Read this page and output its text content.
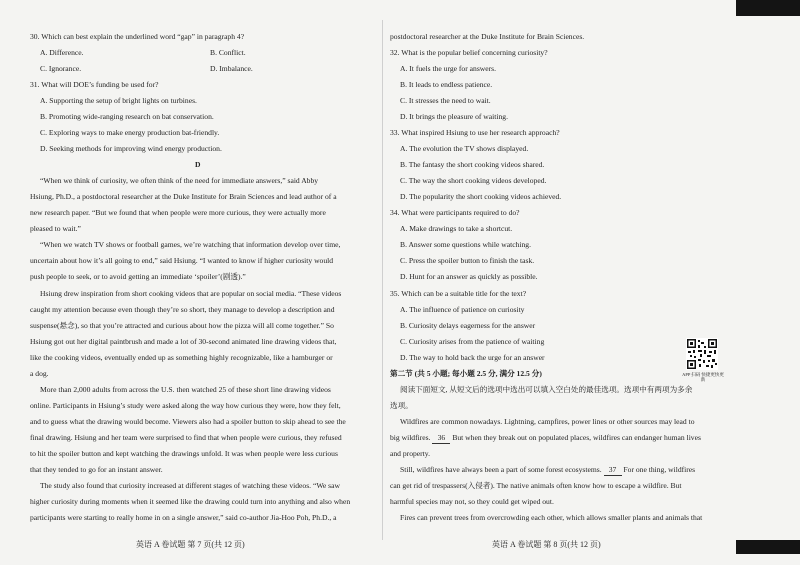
​
30. Which can best explain the underlined word “gap” in paragraph 4?
A. Difference.	B. Conflict.
C. Ignorance.	D. Imbalance.
31. What will DOE’s funding be used for?
A. Supporting the setup of bright lights on turbines.
B. Promoting wide-ranging research on bat conservation.
C. Exploring ways to make energy production bat-friendly.
D. Seeking methods for improving wind energy production.
D
“When we think of curiosity, we often think of the need for immediate answers,” said Abby
Hsiung, Ph.D., a postdoctoral researcher at the Duke Institute for Brain Sciences and lead author of a
new research paper. “But we found that when people were more curious, they were actually more
pleased to wait.”
“When we watch TV shows or football games, we’re watching that information develop over time,
uncertain about how it’s all going to end,” said Hsiung. “I wanted to know if higher curiosity would
push people to seek, or to avoid getting an immediate ‘spoiler’(剧透).”
Hsiung drew inspiration from short cooking videos that are popular on social media. “These videos
caught my attention because even though they’re so short, they manage to develop a description and
suspense(悬念), so that you’re attracted and curious about how the pizza will all come together.” So
Hsiung got out her digital paintbrush and made a lot of 30-second animated line drawing videos that,
like the cooking videos, eventually ended up as something highly recognizable, like a hamburger or
a dog.
More than 2,000 adults from across the U.S. then watched 25 of these short line drawing videos
online. Participants in Hsiung’s study were asked along the way how curious they were, how they felt,
and to guess what the drawing would become. Viewers also had a spoiler button to skip ahead to see the
final drawing. Hsiung and her team were surprised to find that when people were curious, they refused
to hit the spoiler button and kept watching the drawings unfold. It was when people were less curious
that they tended to go for an instant answer.
The study also found that curiosity increased at different stages of watching these videos. “We saw
higher curiosity during moments when it seemed like the drawing could turn into anything and also when
participants were starting to really home in on a single answer,” said co-author Jia-Hoo Poh, Ph.D., a
英语 A 卷试题 第 7 页(共 12 页)
postdoctoral researcher at the Duke Institute for Brain Sciences.
32. What is the popular belief concerning curiosity?
A. It fuels the urge for answers.
B. It leads to endless patience.
C. It stresses the need to wait.
D. It brings the pleasure of waiting.
33. What inspired Hsiung to use her research approach?
A. The evolution the TV shows displayed.
B. The fantasy the short cooking videos shared.
C. The way the short cooking videos developed.
D. The popularity the short cooking videos achieved.
34. What were participants required to do?
A. Make drawings to take a shortcut.
B. Answer some questions while watching.
C. Press the spoiler button to finish the task.
D. Hunt for an answer as quickly as possible.
35. Which can be a suitable title for the text?
A. The influence of patience on curiosity
B. Curiosity delays eagerness for the answer
C. Curiosity arises from the patience of waiting
D. The way to hold back the urge for an answer
第二节 (共 5 小题; 每小题 2.5 分, 满分 12.5 分)
阅读下面短文, 从短文后的选项中选出可以填入空白处的最佳选项。选项中有两项为多余
选项。
Wildfires are common nowadays. Lightning, campfires, power lines or other sources may lead to
big wildfires. 36 But when they break out on populated places, wildfires can endanger human lives
and property.
Still, wildfires have always been a part of some forest ecosystems. 37 For one thing, wildfires
can get rid of trespassers(入侵者). The native animals often know how to escape a wildfire. But
harmful species may not, so they could get wiped out.
Fires can prevent trees from overcrowding each other, which allows smaller plants and animals that
APP 扫码 快捷更快更新
英语 A 卷试题 第 8 页(共 12 页)
